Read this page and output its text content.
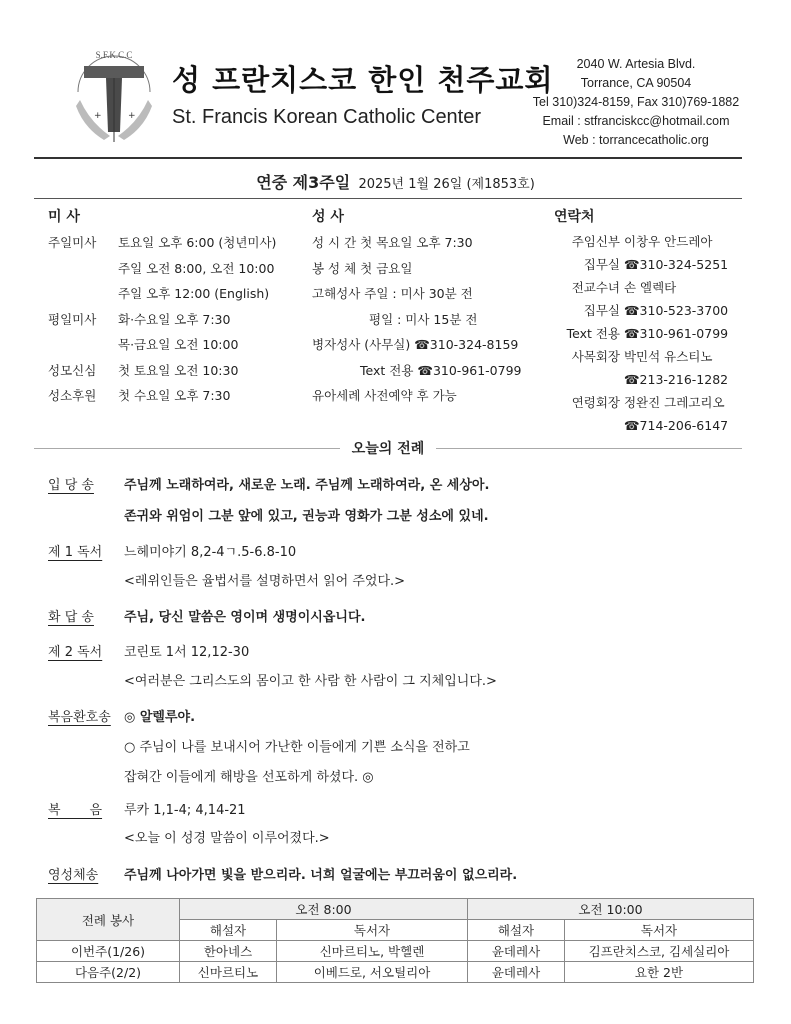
S.F.K.C.C
+	+
성 프란치스코 한인 천주교회
St. Francis Korean Catholic Center
2040 W. Artesia Blvd.
Torrance, CA 90504
Tel 310)324-8159, Fax 310)769-1882
Email : stfranciskcc@hotmail.com
Web : torrancecatholic.org
연중 제3주일 2025년 1월 26일 (제1853호)
미 사
주일미사 토요일 오후 6:00 (청년미사)
주일 오전 8:00, 오전 10:00
주일 오후 12:00 (English)
평일미사 화·수요일 오후 7:30
목·금요일 오전 10:00
성모신심 첫 토요일 오전 10:30
성소후원 첫 수요일 오후 7:30
성 사
성 시 간 첫 목요일 오후 7:30
봉 성 체 첫 금요일
고해성사 주일 : 미사 30분 전
평일 : 미사 15분 전
병자성사 (사무실) ☎310-324-8159
Text 전용 ☎310-961-0799
유아세례 사전예약 후 가능
연락처
주임신부 이창우 안드레아
집무실 ☎310-324-5251
전교수녀 손 엘렉타
집무실 ☎310-523-3700
Text 전용 ☎310-961-0799
사목회장 박민석 유스티노
☎213-216-1282
연령회장 정완진 그레고리오
☎714-206-6147
오늘의 전례
입 당 송 주님께 노래하여라, 새로운 노래. 주님께 노래하여라, 온 세상아.
존귀와 위엄이 그분 앞에 있고, 권능과 영화가 그분 성소에 있네.
제 1 독서 느헤미야기 8,2-4ㄱ.5-6.8-10
<레위인들은 율법서를 설명하면서 읽어 주었다.>
화 답 송 주님, 당신 말씀은 영이며 생명이시옵니다.
제 2 독서 코린토 1서 12,12-30
<여러분은 그리스도의 몸이고 한 사람 한 사람이 그 지체입니다.>
복음환호송 ◎ 알렐루야.
○ 주님이 나를 보내시어 가난한 이들에게 기쁜 소식을 전하고
잡혀간 이들에게 해방을 선포하게 하셨다. ◎
복       음 루카 1,1-4; 4,14-21
<오늘 이 성경 말씀이 이루어졌다.>
영성체송 주님께 나아가면 빛을 받으리라. 너희 얼굴에는 부끄러움이 없으리라.
전례 봉사	오전 8:00		오전 10:00	
	해설자	독서자	해설자	독서자
이번주(1/26)	한아네스	신마르티노, 박헬렌	윤데레사	김프란치스코, 김세실리아
다음주(2/2)	신마르티노	이베드로, 서오틸리아	윤데레사	요한 2반
